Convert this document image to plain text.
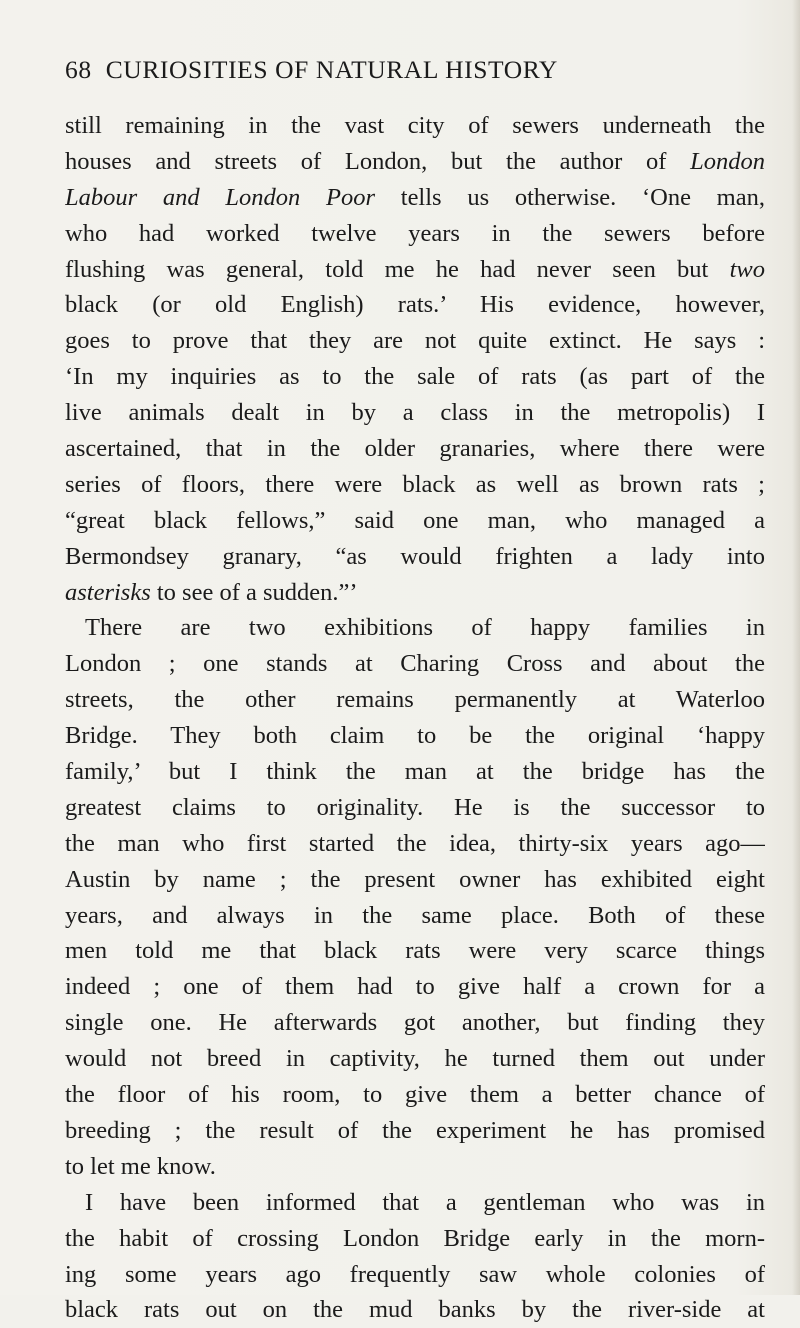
68 CURIOSITIES OF NATURAL HISTORY
still remaining in the vast city of sewers underneath the
houses and streets of London, but the author of London
Labour and London Poor tells us otherwise. ‘One man,
who had worked twelve years in the sewers before
flushing was general, told me he had never seen but two
black (or old English) rats.’ His evidence, however,
goes to prove that they are not quite extinct. He says :
‘In my inquiries as to the sale of rats (as part of the
live animals dealt in by a class in the metropolis) I
ascertained, that in the older granaries, where there were
series of floors, there were black as well as brown rats ;
“great black fellows,” said one man, who managed a
Bermondsey granary, “as would frighten a lady into
asterisks to see of a sudden.”’
There are two exhibitions of happy families in
London ; one stands at Charing Cross and about the
streets, the other remains permanently at Waterloo
Bridge. They both claim to be the original ‘happy
family,’ but I think the man at the bridge has the
greatest claims to originality. He is the successor to
the man who first started the idea, thirty-six years ago—
Austin by name ; the present owner has exhibited eight
years, and always in the same place. Both of these
men told me that black rats were very scarce things
indeed ; one of them had to give half a crown for a
single one. He afterwards got another, but finding they
would not breed in captivity, he turned them out under
the floor of his room, to give them a better chance of
breeding ; the result of the experiment he has promised
to let me know.
I have been informed that a gentleman who was in
the habit of crossing London Bridge early in the morn-
ing some years ago frequently saw whole colonies of
black rats out on the mud banks by the river-side at
